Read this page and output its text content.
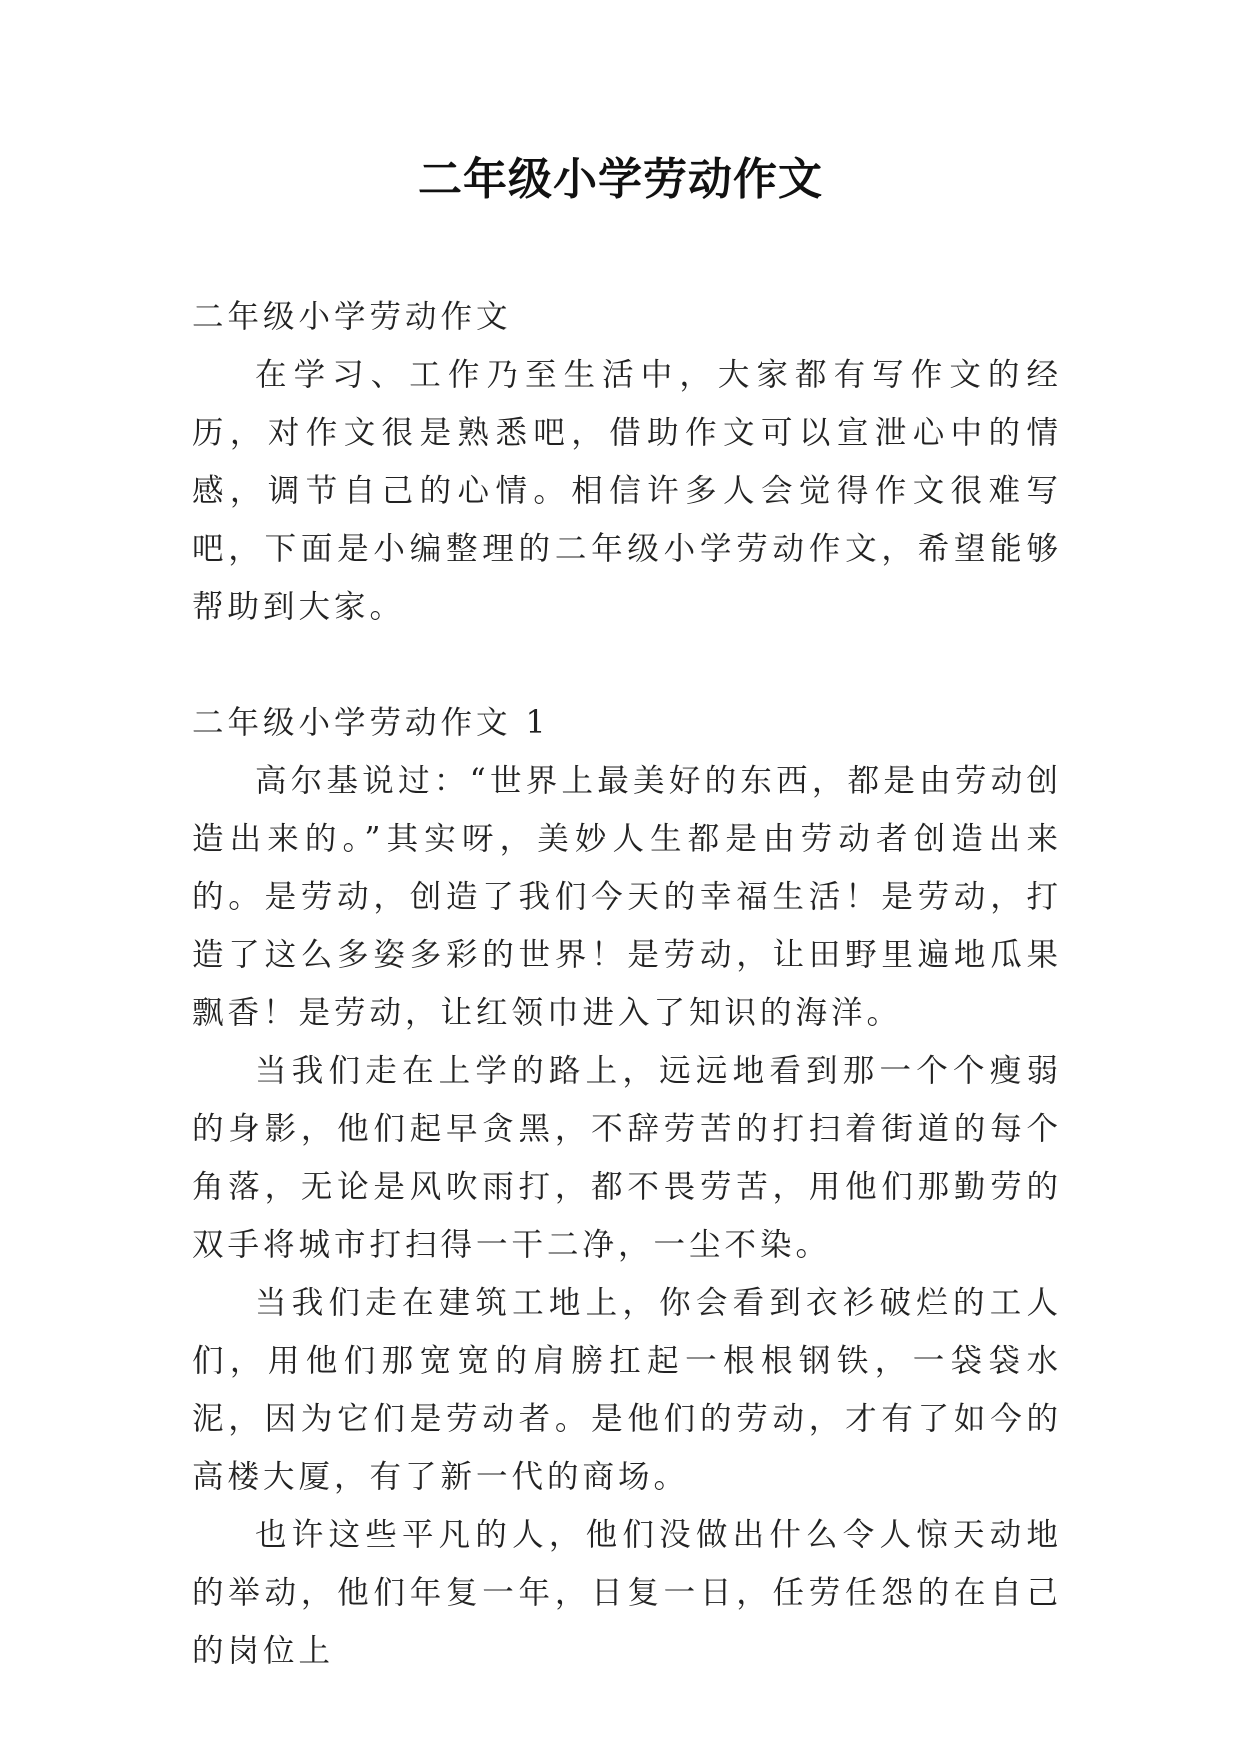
二年级小学劳动作文

二年级小学劳动作文

在学习、工作乃至生活中，大家都有写作文的经历，对作文很是熟悉吧，借助作文可以宣泄心中的情感，调节自己的心情。相信许多人会觉得作文很难写吧，下面是小编整理的二年级小学劳动作文，希望能够帮助到大家。

二年级小学劳动作文 1

高尔基说过：“世界上最美好的东西，都是由劳动创造出来的。”其实呀，美妙人生都是由劳动者创造出来的。是劳动，创造了我们今天的幸福生活！是劳动，打造了这么多姿多彩的世界！是劳动，让田野里遍地瓜果飘香！是劳动，让红领巾进入了知识的海洋。

当我们走在上学的路上，远远地看到那一个个瘦弱的身影，他们起早贪黑，不辞劳苦的打扫着街道的每个角落，无论是风吹雨打，都不畏劳苦，用他们那勤劳的双手将城市打扫得一干二净，一尘不染。

当我们走在建筑工地上，你会看到衣衫破烂的工人们，用他们那宽宽的肩膀扛起一根根钢铁，一袋袋水泥，因为它们是劳动者。是他们的劳动，才有了如今的高楼大厦，有了新一代的商场。

也许这些平凡的人，他们没做出什么令人惊天动地的举动，他们年复一年，日复一日，任劳任怨的在自己的岗位上
